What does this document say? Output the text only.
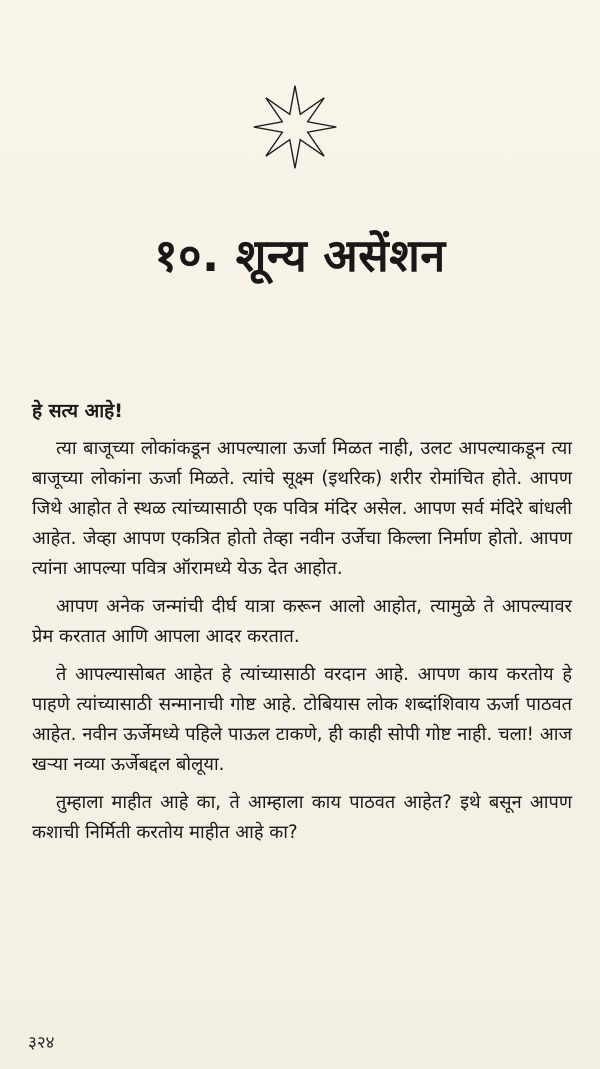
१०. शून्य असेंशन

हे सत्य आहे!

त्या बाजूच्या लोकांकडून आपल्याला ऊर्जा मिळत नाही, उलट आपल्याकडून त्या बाजूच्या लोकांना ऊर्जा मिळते. त्यांचे सूक्ष्म (इथरिक) शरीर रोमांचित होते. आपण जिथे आहोत ते स्थळ त्यांच्यासाठी एक पवित्र मंदिर असेल. आपण सर्व मंदिरे बांधली आहेत. जेव्हा आपण एकत्रित होतो तेव्हा नवीन उर्जेचा किल्ला निर्माण होतो. आपण त्यांना आपल्या पवित्र ऑरामध्ये येऊ देत आहोत.

आपण अनेक जन्मांची दीर्घ यात्रा करून आलो आहोत, त्यामुळे ते आपल्यावर प्रेम करतात आणि आपला आदर करतात.

ते आपल्यासोबत आहेत हे त्यांच्यासाठी वरदान आहे. आपण काय करतोय हे पाहणे त्यांच्यासाठी सन्मानाची गोष्ट आहे. टोबियास लोक शब्दांशिवाय ऊर्जा पाठवत आहेत. नवीन ऊर्जेमध्ये पहिले पाऊल टाकणे, ही काही सोपी गोष्ट नाही. चला! आज खऱ्या नव्या ऊर्जेबद्दल बोलूया.

तुम्हाला माहीत आहे का, ते आम्हाला काय पाठवत आहेत? इथे बसून आपण कशाची निर्मिती करतोय माहीत आहे का?

३२४
